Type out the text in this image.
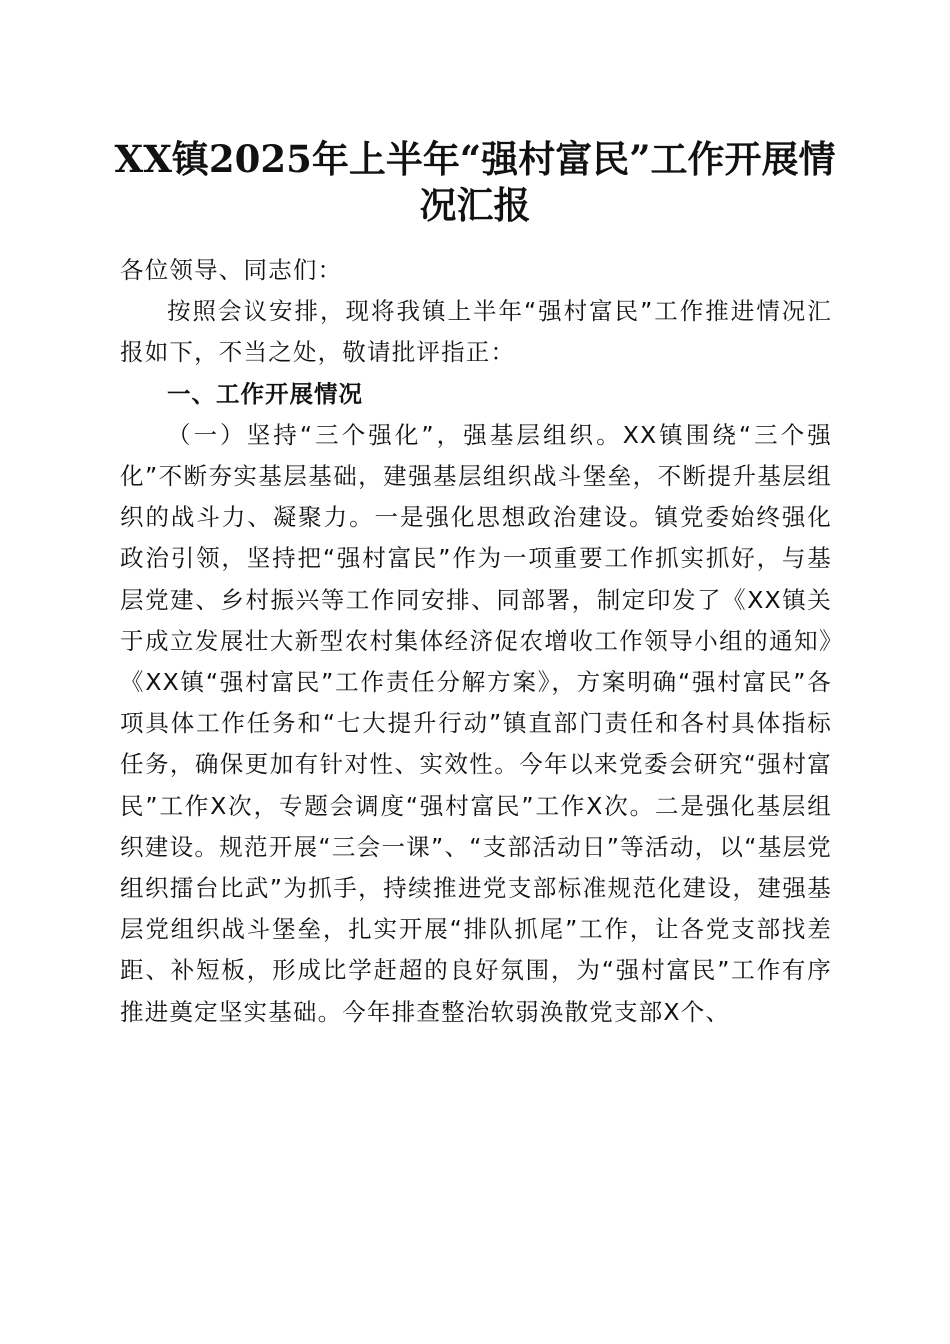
XX镇2025年上半年“强村富民”工作开展情况汇报

各位领导、同志们：

按照会议安排，现将我镇上半年“强村富民”工作推进情况汇报如下，不当之处，敬请批评指正：

一、工作开展情况

（一）坚持“三个强化”，强基层组织。XX镇围绕“三个强化”不断夯实基层基础，建强基层组织战斗堡垒，不断提升基层组织的战斗力、凝聚力。一是强化思想政治建设。镇党委始终强化政治引领，坚持把“强村富民”作为一项重要工作抓实抓好，与基层党建、乡村振兴等工作同安排、同部署，制定印发了《XX镇关于成立发展壮大新型农村集体经济促农增收工作领导小组的通知》《XX镇“强村富民”工作责任分解方案》，方案明确“强村富民”各项具体工作任务和“七大提升行动”镇直部门责任和各村具体指标任务，确保更加有针对性、实效性。今年以来党委会研究“强村富民”工作X次，专题会调度“强村富民”工作X次。二是强化基层组织建设。规范开展“三会一课”、“支部活动日”等活动，以“基层党组织擂台比武”为抓手，持续推进党支部标准规范化建设，建强基层党组织战斗堡垒，扎实开展“排队抓尾”工作，让各党支部找差距、补短板，形成比学赶超的良好氛围，为“强村富民”工作有序推进奠定坚实基础。今年排查整治软弱涣散党支部X个、
